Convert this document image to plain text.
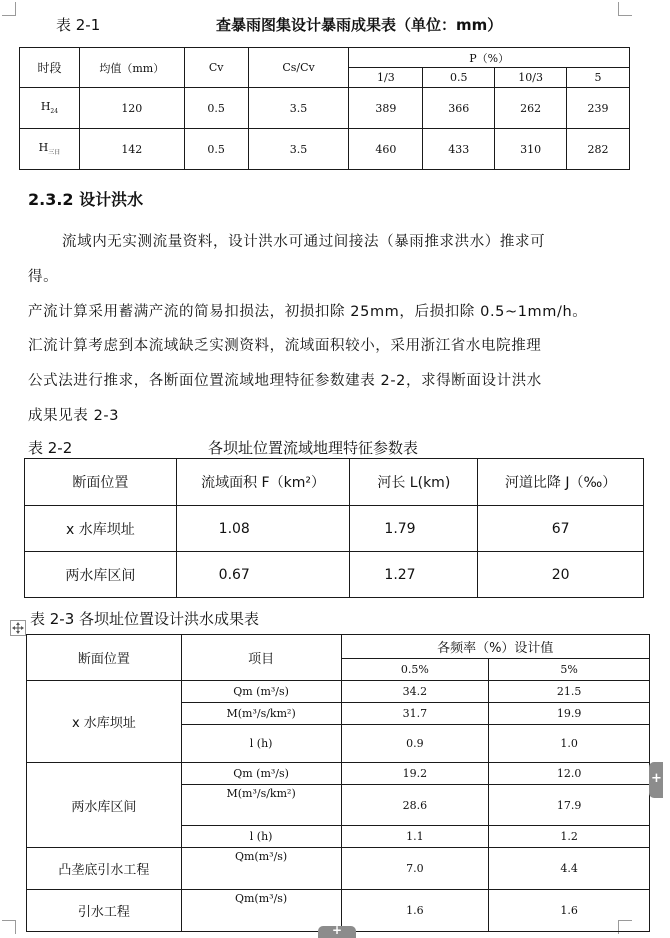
表 2-1	查暴雨图集设计暴雨成果表（单位：mm）
时段	均值（mm）	Cv	Cs/Cv	P（%）			
				1/3	0.5	10/3	5
$H_{24}$	120	0.5	3.5	389	366	262	239
$H_{三日}$	142	0.5	3.5	460	433	310	282
2.3.2 设计洪水
流域内无实测流量资料，设计洪水可通过间接法（暴雨推求洪水）推求可
得。
产流计算采用蓄满产流的简易扣损法，初损扣除 25mm，后损扣除 0.5~1mm/h。
汇流计算考虑到本流域缺乏实测资料，流域面积较小，采用浙江省水电院推理
公式法进行推求，各断面位置流域地理特征参数建表 2-2，求得断面设计洪水
成果见表 2-3
表 2-2	各坝址位置流域地理特征参数表
断面位置	流域面积 F（km²）	河长 L(km)	河道比降 J（‰）
x 水库坝址	1.08	1.79	67
两水库区间	0.67	1.27	20
表 2-3 各坝址位置设计洪水成果表
断面位置	项目	各频率（%）设计值	
		0.5%	5%
x 水库坝址	Qm (m³/s)	34.2	21.5
	M(m³/s/km²)	31.7	19.9
	l (h)	0.9	1.0
两水库区间	Qm (m³/s)	19.2	12.0
	M(m³/s/km²)	28.6	17.9
	l (h)	1.1	1.2
凸垄底引水工程	Qm(m³/s)	7.0	4.4
引水工程	Qm(m³/s)	1.6	1.6
+
+
